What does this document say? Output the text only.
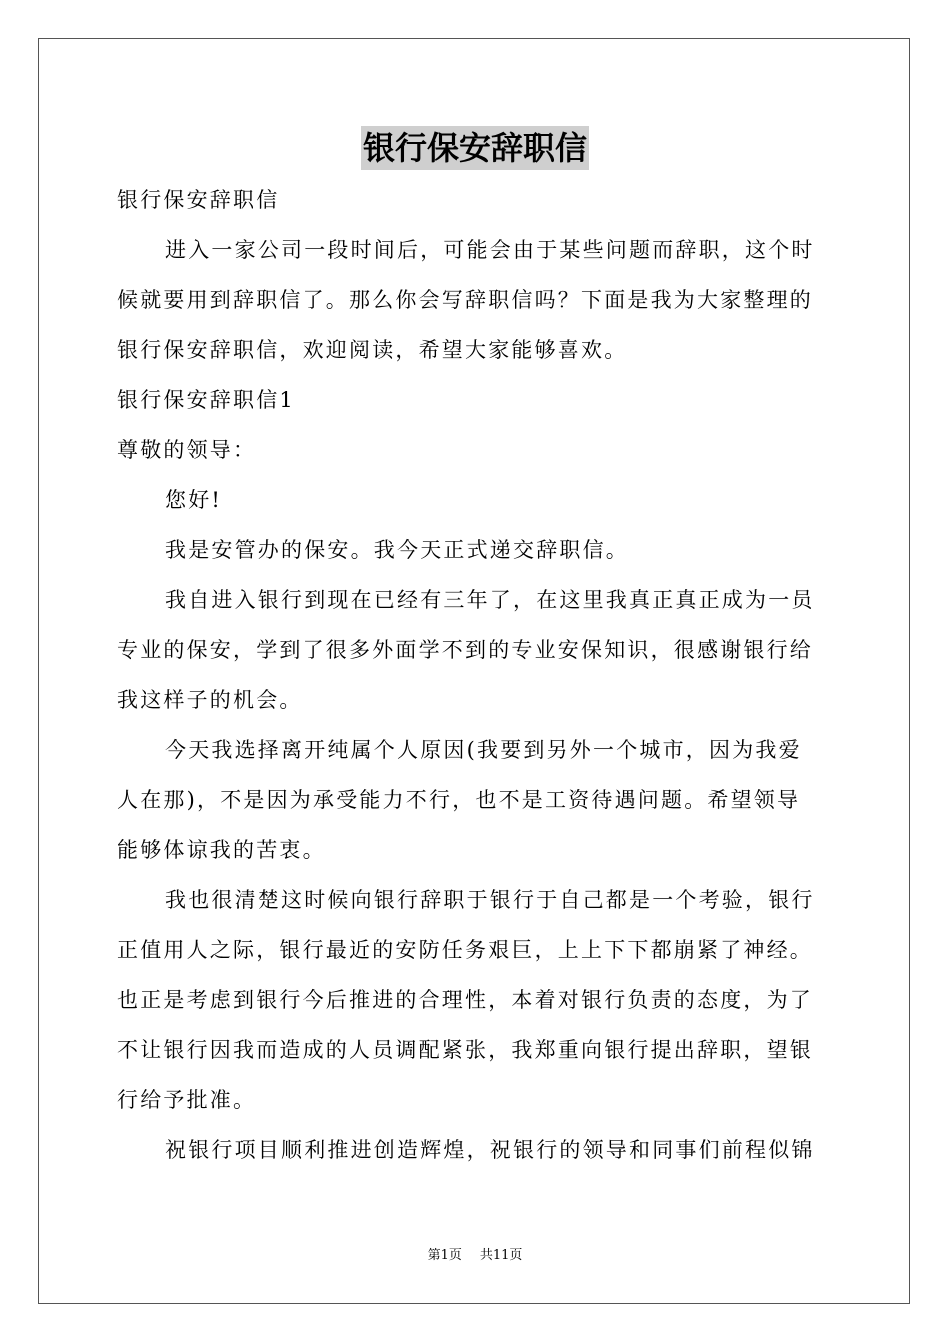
银行保安辞职信
银行保安辞职信
进入一家公司一段时间后，可能会由于某些问题而辞职，这个时
候就要用到辞职信了。那么你会写辞职信吗？下面是我为大家整理的
银行保安辞职信，欢迎阅读，希望大家能够喜欢。
银行保安辞职信1
尊敬的领导：
您好!
我是安管办的保安。我今天正式递交辞职信。
我自进入银行到现在已经有三年了，在这里我真正真正成为一员
专业的保安，学到了很多外面学不到的专业安保知识，很感谢银行给
我这样子的机会。
今天我选择离开纯属个人原因(我要到另外一个城市，因为我爱
人在那)，不是因为承受能力不行，也不是工资待遇问题。希望领导
能够体谅我的苦衷。
我也很清楚这时候向银行辞职于银行于自己都是一个考验，银行
正值用人之际，银行最近的安防任务艰巨，上上下下都崩紧了神经。
也正是考虑到银行今后推进的合理性，本着对银行负责的态度，为了
不让银行因我而造成的人员调配紧张，我郑重向银行提出辞职，望银
行给予批准。
祝银行项目顺利推进创造辉煌，祝银行的领导和同事们前程似锦
第1页 共11页
